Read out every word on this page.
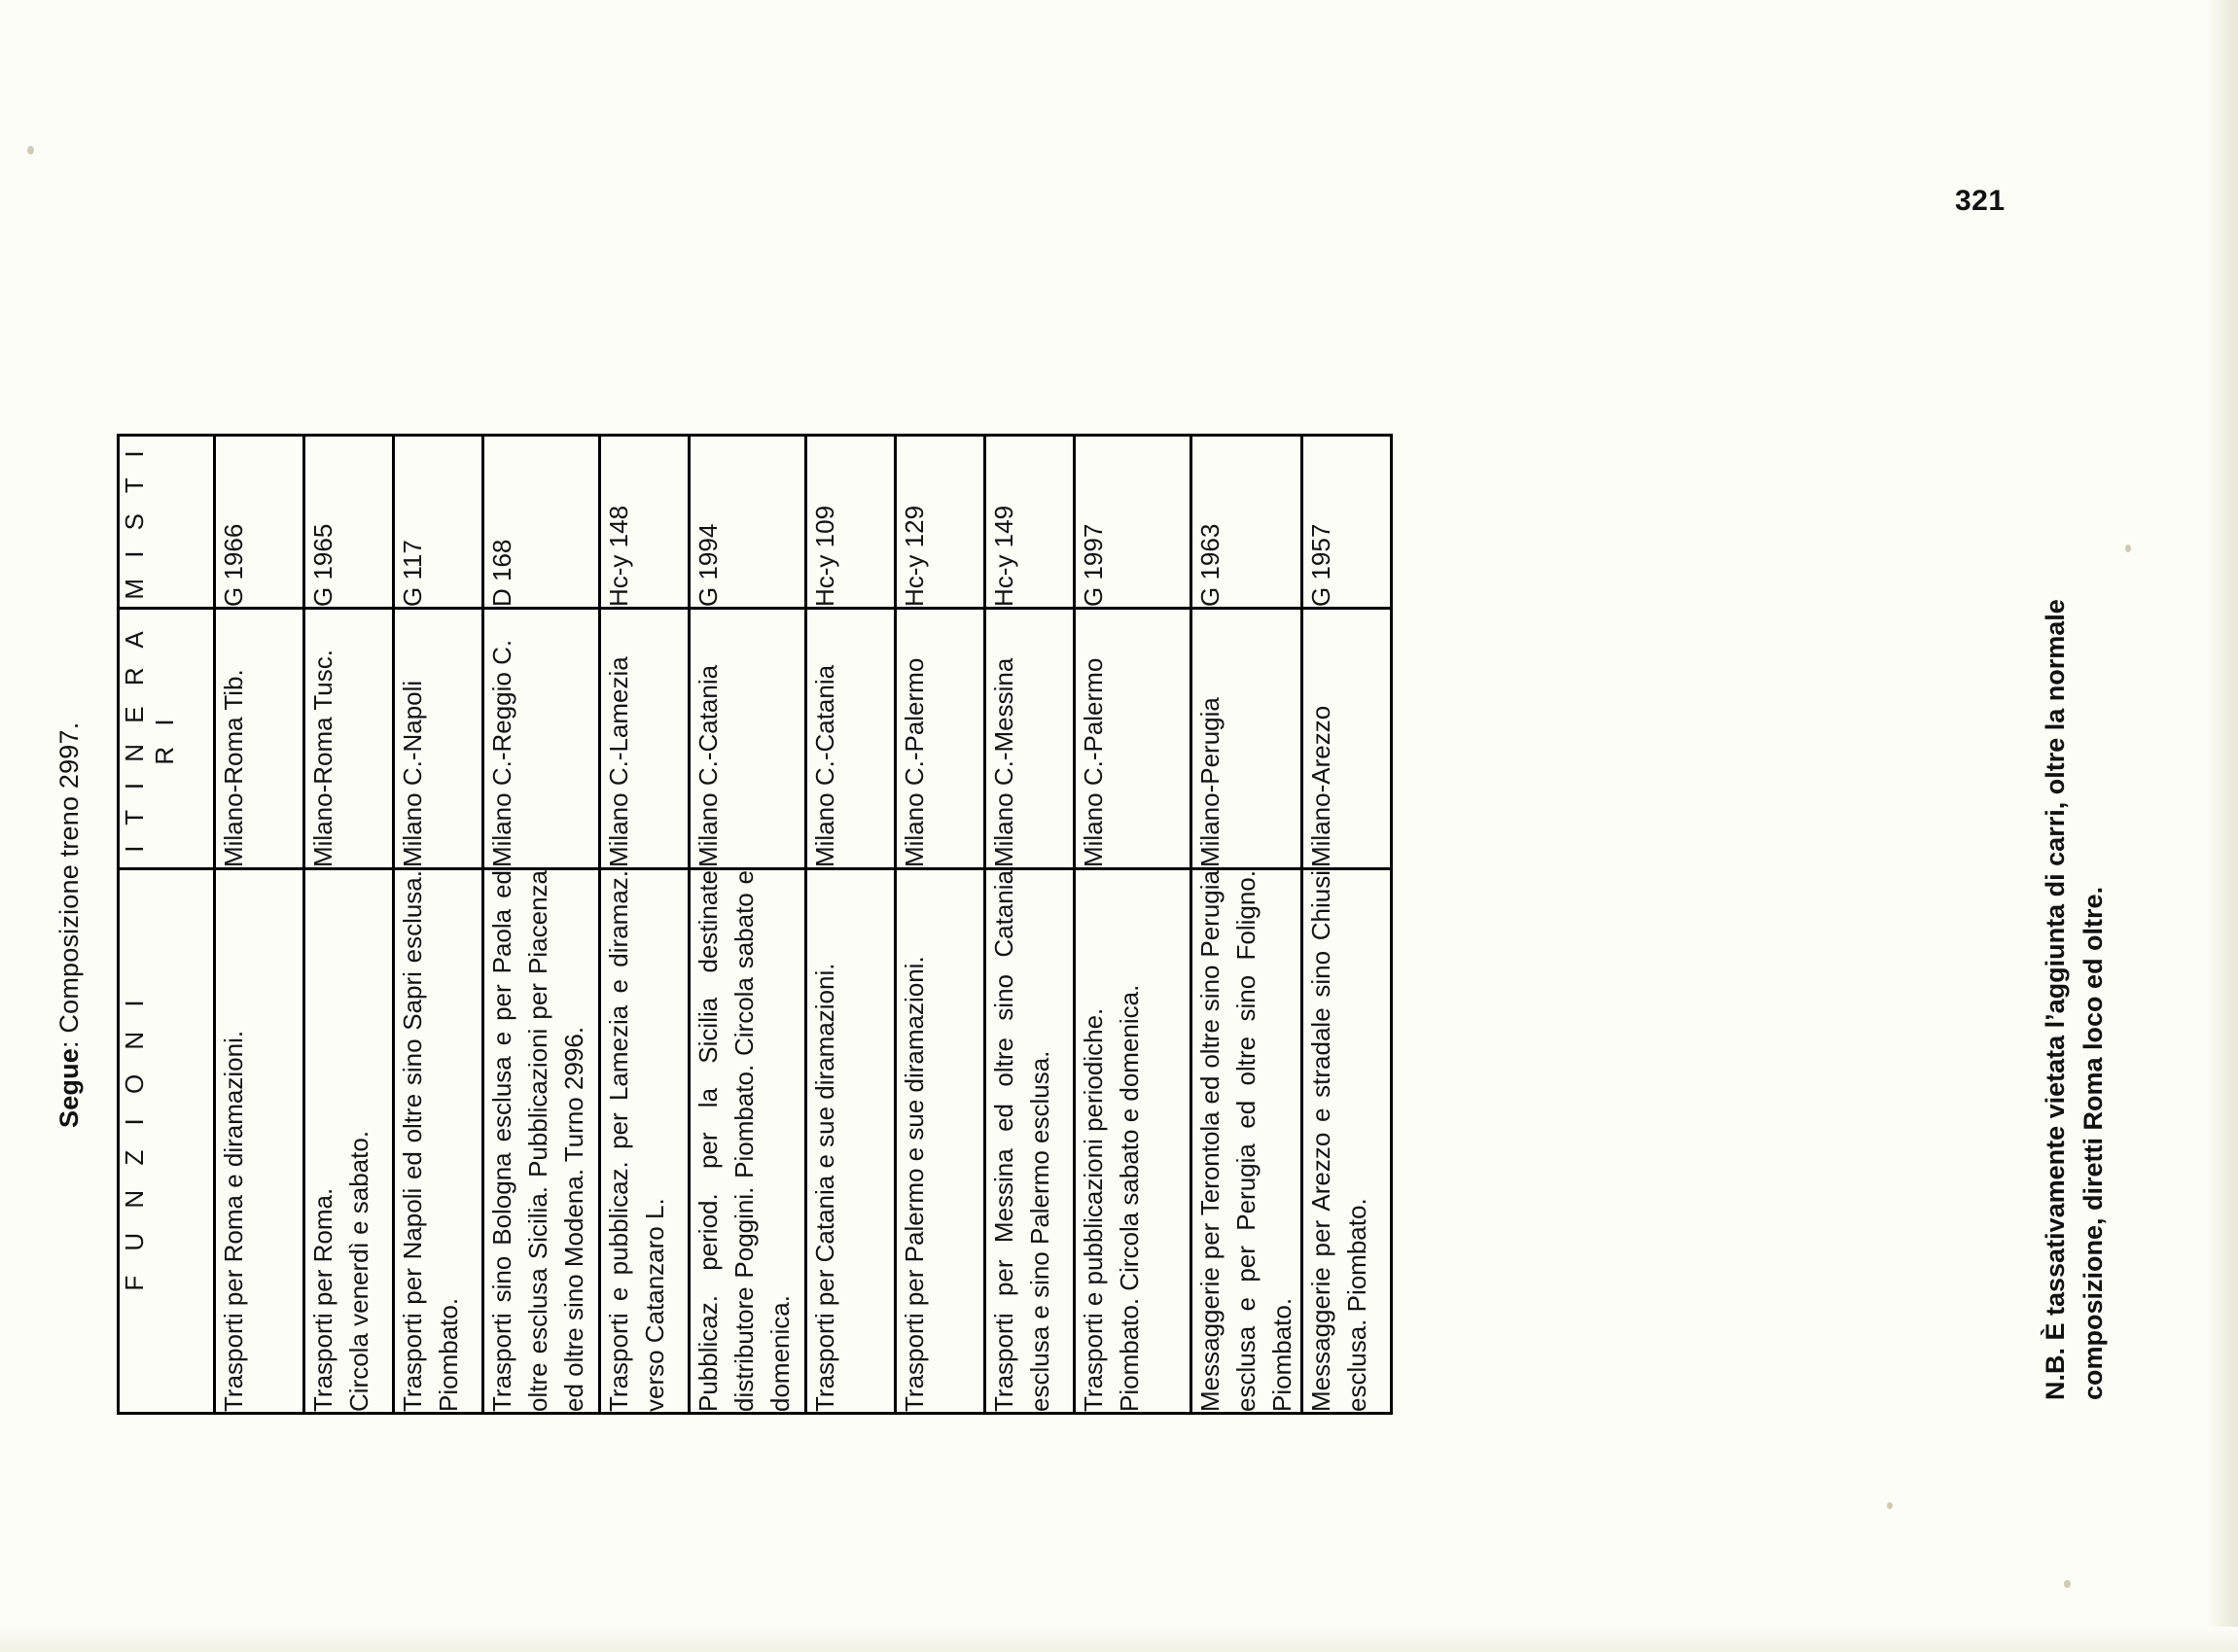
321
Segue: Composizione treno 2997.
F U N Z I O N I	I T I N E R A R I	M I S T I
Trasporti per Roma e diramazioni.	Milano-Roma Tib.	G 1966
Trasporti per Roma. Circola venerdì e sabato.	Milano-Roma Tusc.	G 1965
Trasporti per Napoli ed oltre sino Sapri esclusa. Piombato.	Milano C.-Napoli	G 117
Trasporti sino Bologna esclusa e per Paola ed oltre esclusa Sicilia. Pubblicazioni per Piacenza ed oltre sino Modena. Turno 2996.	Milano C.-Reggio C.	D 168
Trasporti e pubblicaz. per Lamezia e diramaz. verso Catanzaro L.	Milano C.-Lamezia	Hc-y 148
Pubblicaz. period. per la Sicilia destinate distributore Poggini. Piombato. Circola sabato e domenica.	Milano C.-Catania	G 1994
Trasporti per Catania e sue diramazioni.	Milano C.-Catania	Hc-y 109
Trasporti per Palermo e sue diramazioni.	Milano C.-Palermo	Hc-y 129
Trasporti per Messina ed oltre sino Catania esclusa e sino Palermo esclusa.	Milano C.-Messina	Hc-y 149
Trasporti e pubblicazioni periodiche. Piombato. Circola sabato e domenica.	Milano C.-Palermo	G 1997
Messaggerie per Terontola ed oltre sino Perugia esclusa e per Perugia ed oltre sino Foligno. Piombato.	Milano-Perugia	G 1963
Messaggerie per Arezzo e stradale sino Chiusi esclusa. Piombato.	Milano-Arezzo	G 1957
N.B. È tassativamente vietata l’aggiunta di carri, oltre la normale composizione, diretti Roma loco ed oltre.
